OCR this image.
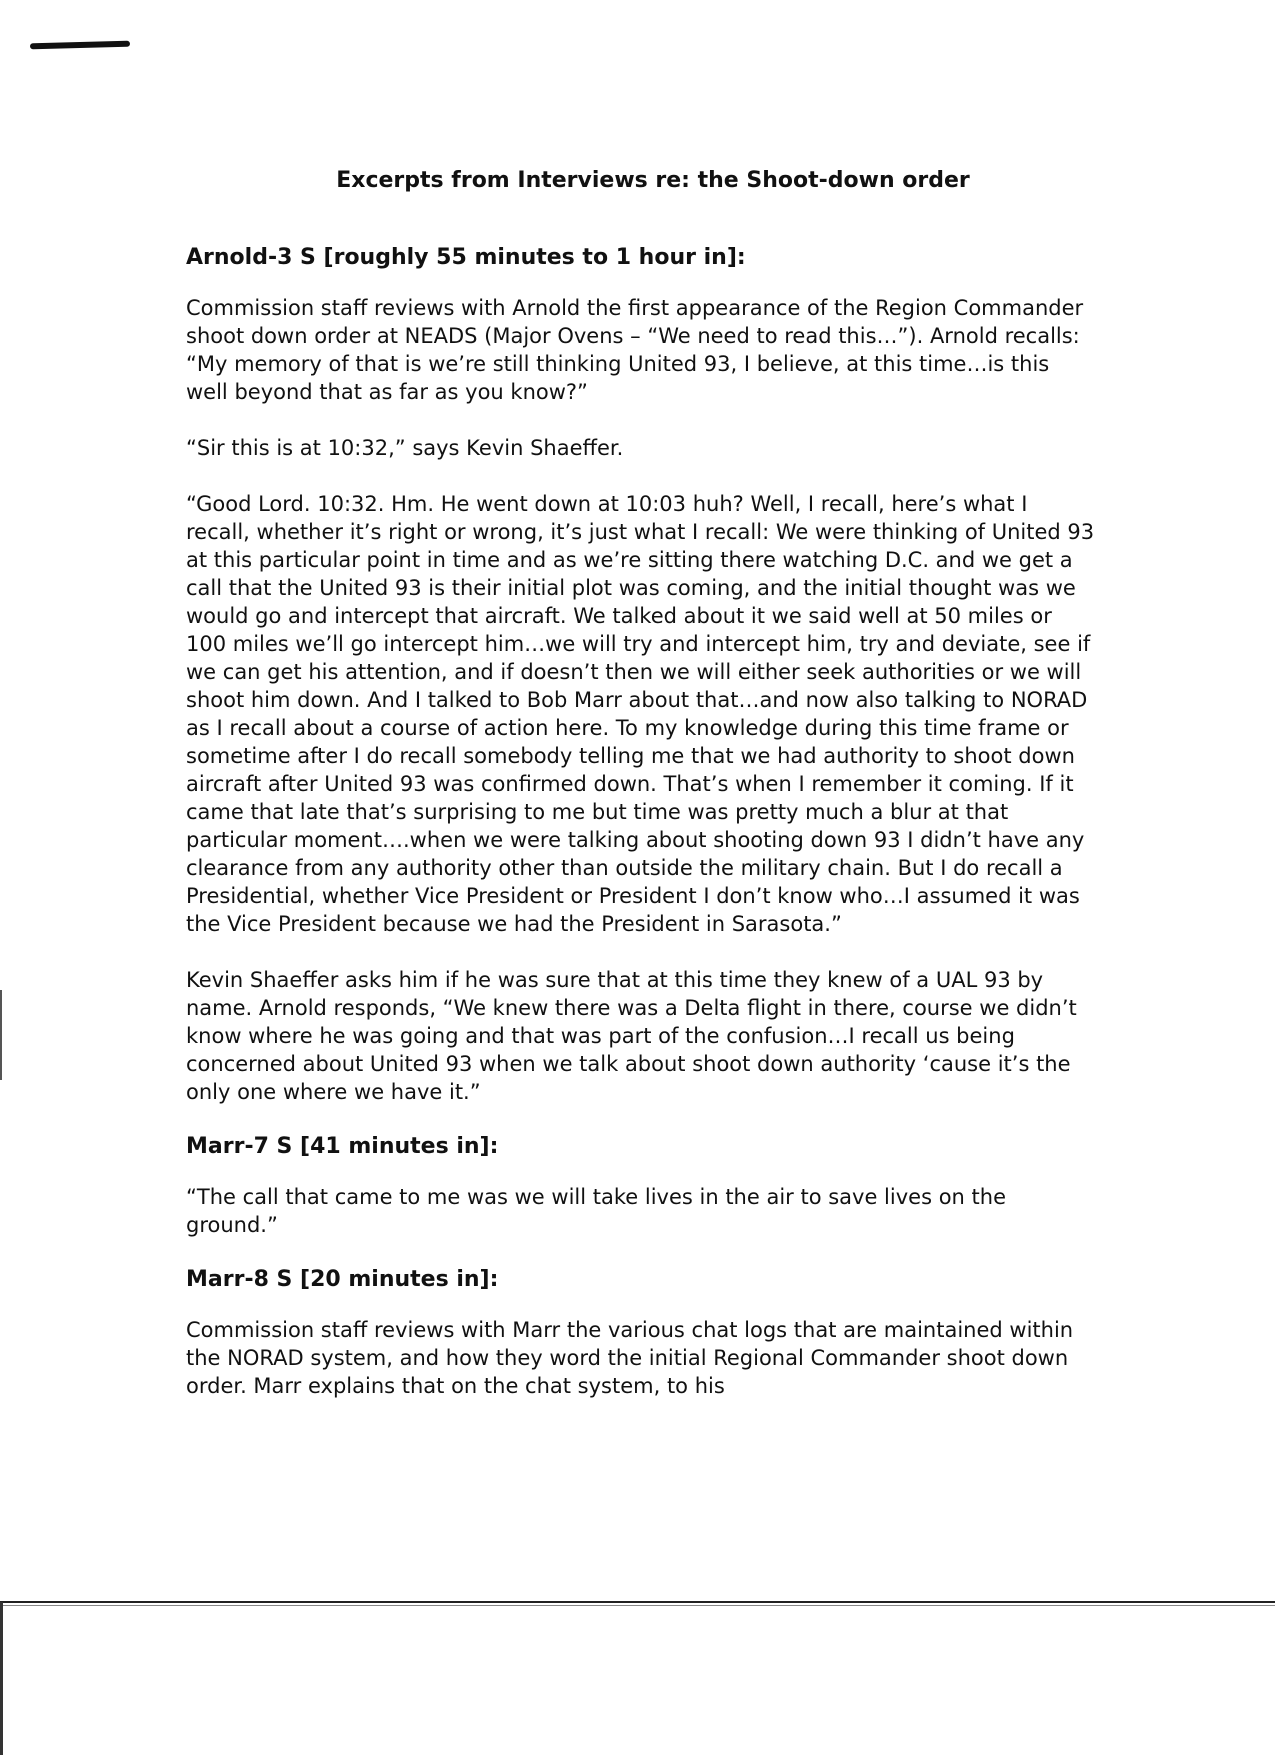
Excerpts from Interviews re: the Shoot-down order
Arnold-3 S [roughly 55 minutes to 1 hour in]:

Commission staff reviews with Arnold the first appearance of the Region Commander shoot down order at NEADS (Major Ovens – “We need to read this…”). Arnold recalls: “My memory of that is we’re still thinking United 93, I believe, at this time…is this well beyond that as far as you know?”

“Sir this is at 10:32,” says Kevin Shaeffer.

“Good Lord. 10:32. Hm. He went down at 10:03 huh? Well, I recall, here’s what I recall, whether it’s right or wrong, it’s just what I recall: We were thinking of United 93 at this particular point in time and as we’re sitting there watching D.C. and we get a call that the United 93 is their initial plot was coming, and the initial thought was we would go and intercept that aircraft. We talked about it we said well at 50 miles or 100 miles we’ll go intercept him…we will try and intercept him, try and deviate, see if we can get his attention, and if doesn’t then we will either seek authorities or we will shoot him down. And I talked to Bob Marr about that…and now also talking to NORAD as I recall about a course of action here. To my knowledge during this time frame or sometime after I do recall somebody telling me that we had authority to shoot down aircraft after United 93 was confirmed down. That’s when I remember it coming. If it came that late that’s surprising to me but time was pretty much a blur at that particular moment….when we were talking about shooting down 93 I didn’t have any clearance from any authority other than outside the military chain. But I do recall a Presidential, whether Vice President or President I don’t know who…I assumed it was the Vice President because we had the President in Sarasota.”

Kevin Shaeffer asks him if he was sure that at this time they knew of a UAL 93 by name. Arnold responds, “We knew there was a Delta flight in there, course we didn’t know where he was going and that was part of the confusion…I recall us being concerned about United 93 when we talk about shoot down authority ‘cause it’s the only one where we have it.”

Marr-7 S [41 minutes in]:

“The call that came to me was we will take lives in the air to save lives on the ground.”

Marr-8 S [20 minutes in]:

Commission staff reviews with Marr the various chat logs that are maintained within the NORAD system, and how they word the initial Regional Commander shoot down order. Marr explains that on the chat system, to his
